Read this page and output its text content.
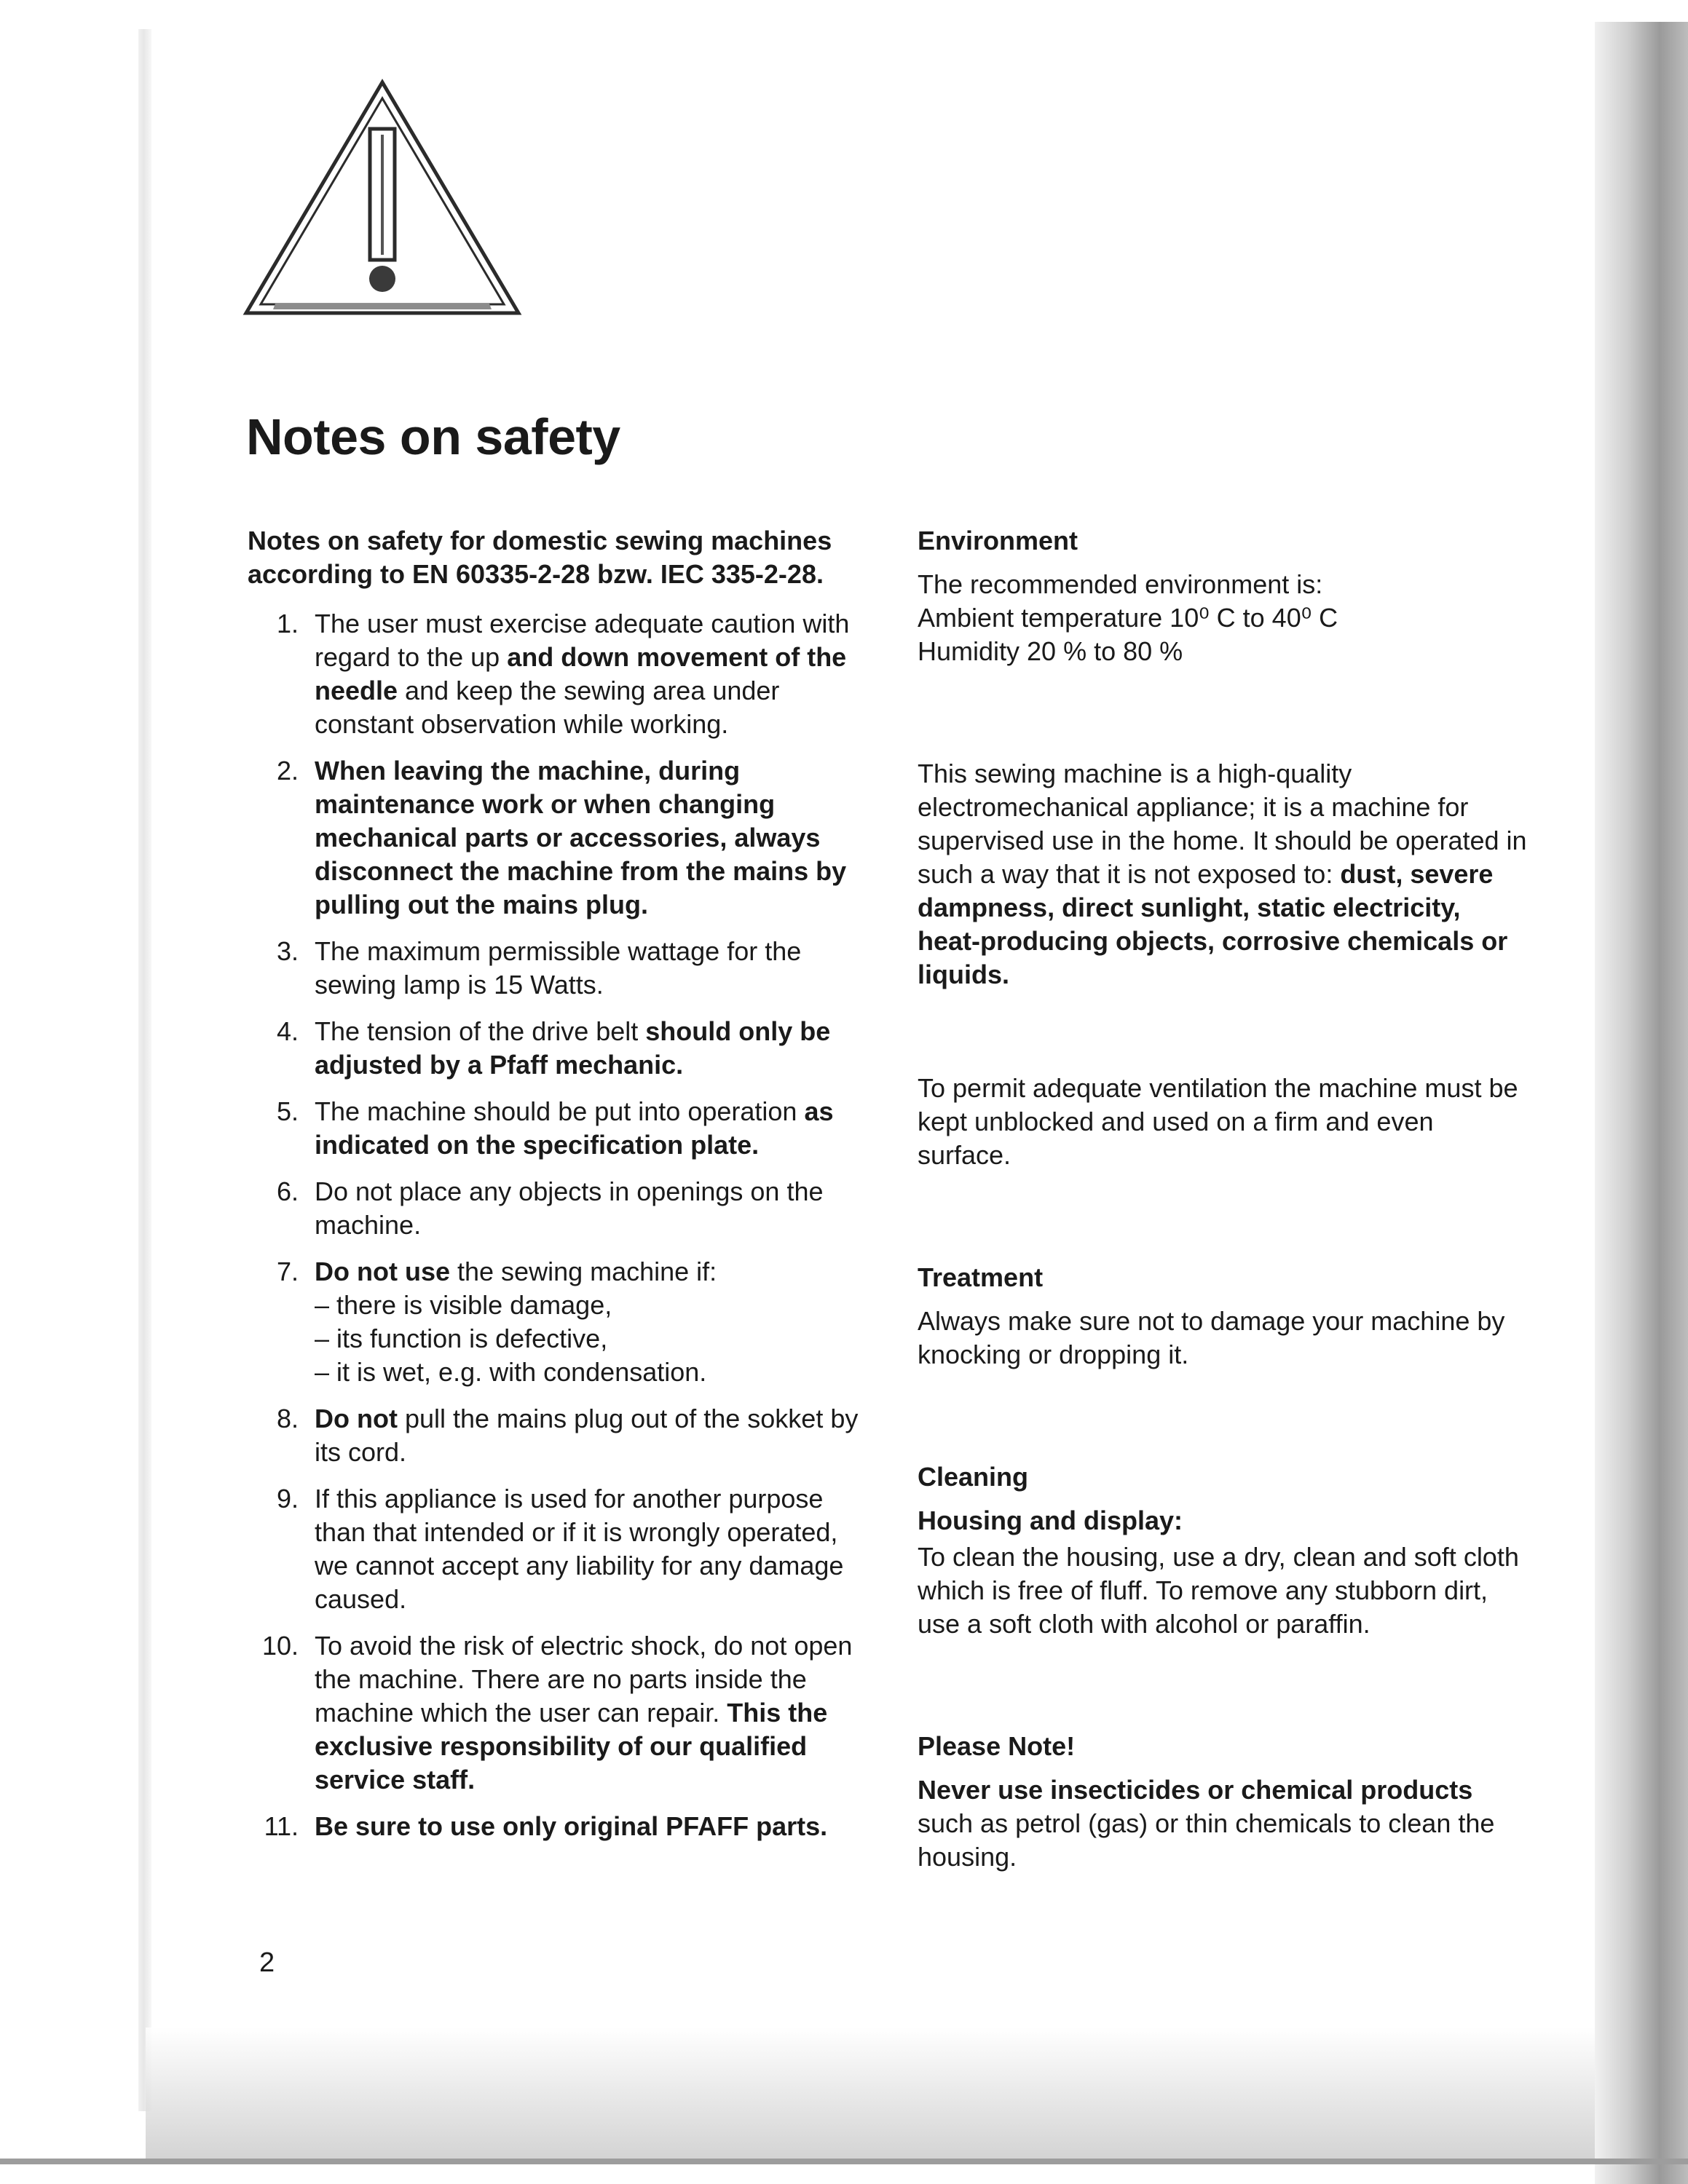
Notes on safety

Notes on safety for domestic sewing machines according to EN 60335-2-28 bzw. IEC 335-2-28.

1 . The user must exercise adequate caution with regard to the up and down movement of the needle and keep the sewing area under constant observation while working.
2 . When leaving the machine, during maintenance work or when changing mechanical parts or accessories, always disconnect the machine from the mains by pulling out the mains plug.
3 . The maximum permissible wattage for the sewing lamp is 15 Watts.
4 . The tension of the drive belt should only be adjusted by a Pfaff mechanic.
5 . The machine should be put into operation as indicated on the specification plate.
6 . Do not place any objects in openings on the machine.
7 . Do not use the sewing machine if:
– there is visible damage,
– its function is defective,
– it is wet, e.g. with condensation.
8 . Do not pull the mains plug out of the sokket by its cord.
9 . If this appliance is used for another purpose than that intended or if it is wrongly operated, we cannot accept any liability for any damage caused.
10 . To avoid the risk of electric shock, do not open the machine. There are no parts inside the machine which the user can repair. This the exclusive responsibility of our qualified service staff.
11 . Be sure to use only original PFAFF parts.
Environment

The recommended environment is:

Ambient temperature 10⁰ C to 40⁰ C

Humidity 20 % to 80 %

This sewing machine is a high-quality electromechanical appliance; it is a machine for supervised use in the home. It should be operated in such a way that it is not exposed to: dust, severe dampness, direct sunlight, static electricity, heat-producing objects, corrosive chemicals or liquids.

To permit adequate ventilation the machine must be kept unblocked and used on a firm and even surface.

Treatment

Always make sure not to damage your machine by knocking or dropping it.

Cleaning
Housing and display:

To clean the housing, use a dry, clean and soft cloth which is free of fluff. To remove any stubborn dirt, use a soft cloth with alcohol or paraffin.

Please Note!

Never use insecticides or chemical products such as petrol (gas) or thin chemicals to clean the housing.

2
